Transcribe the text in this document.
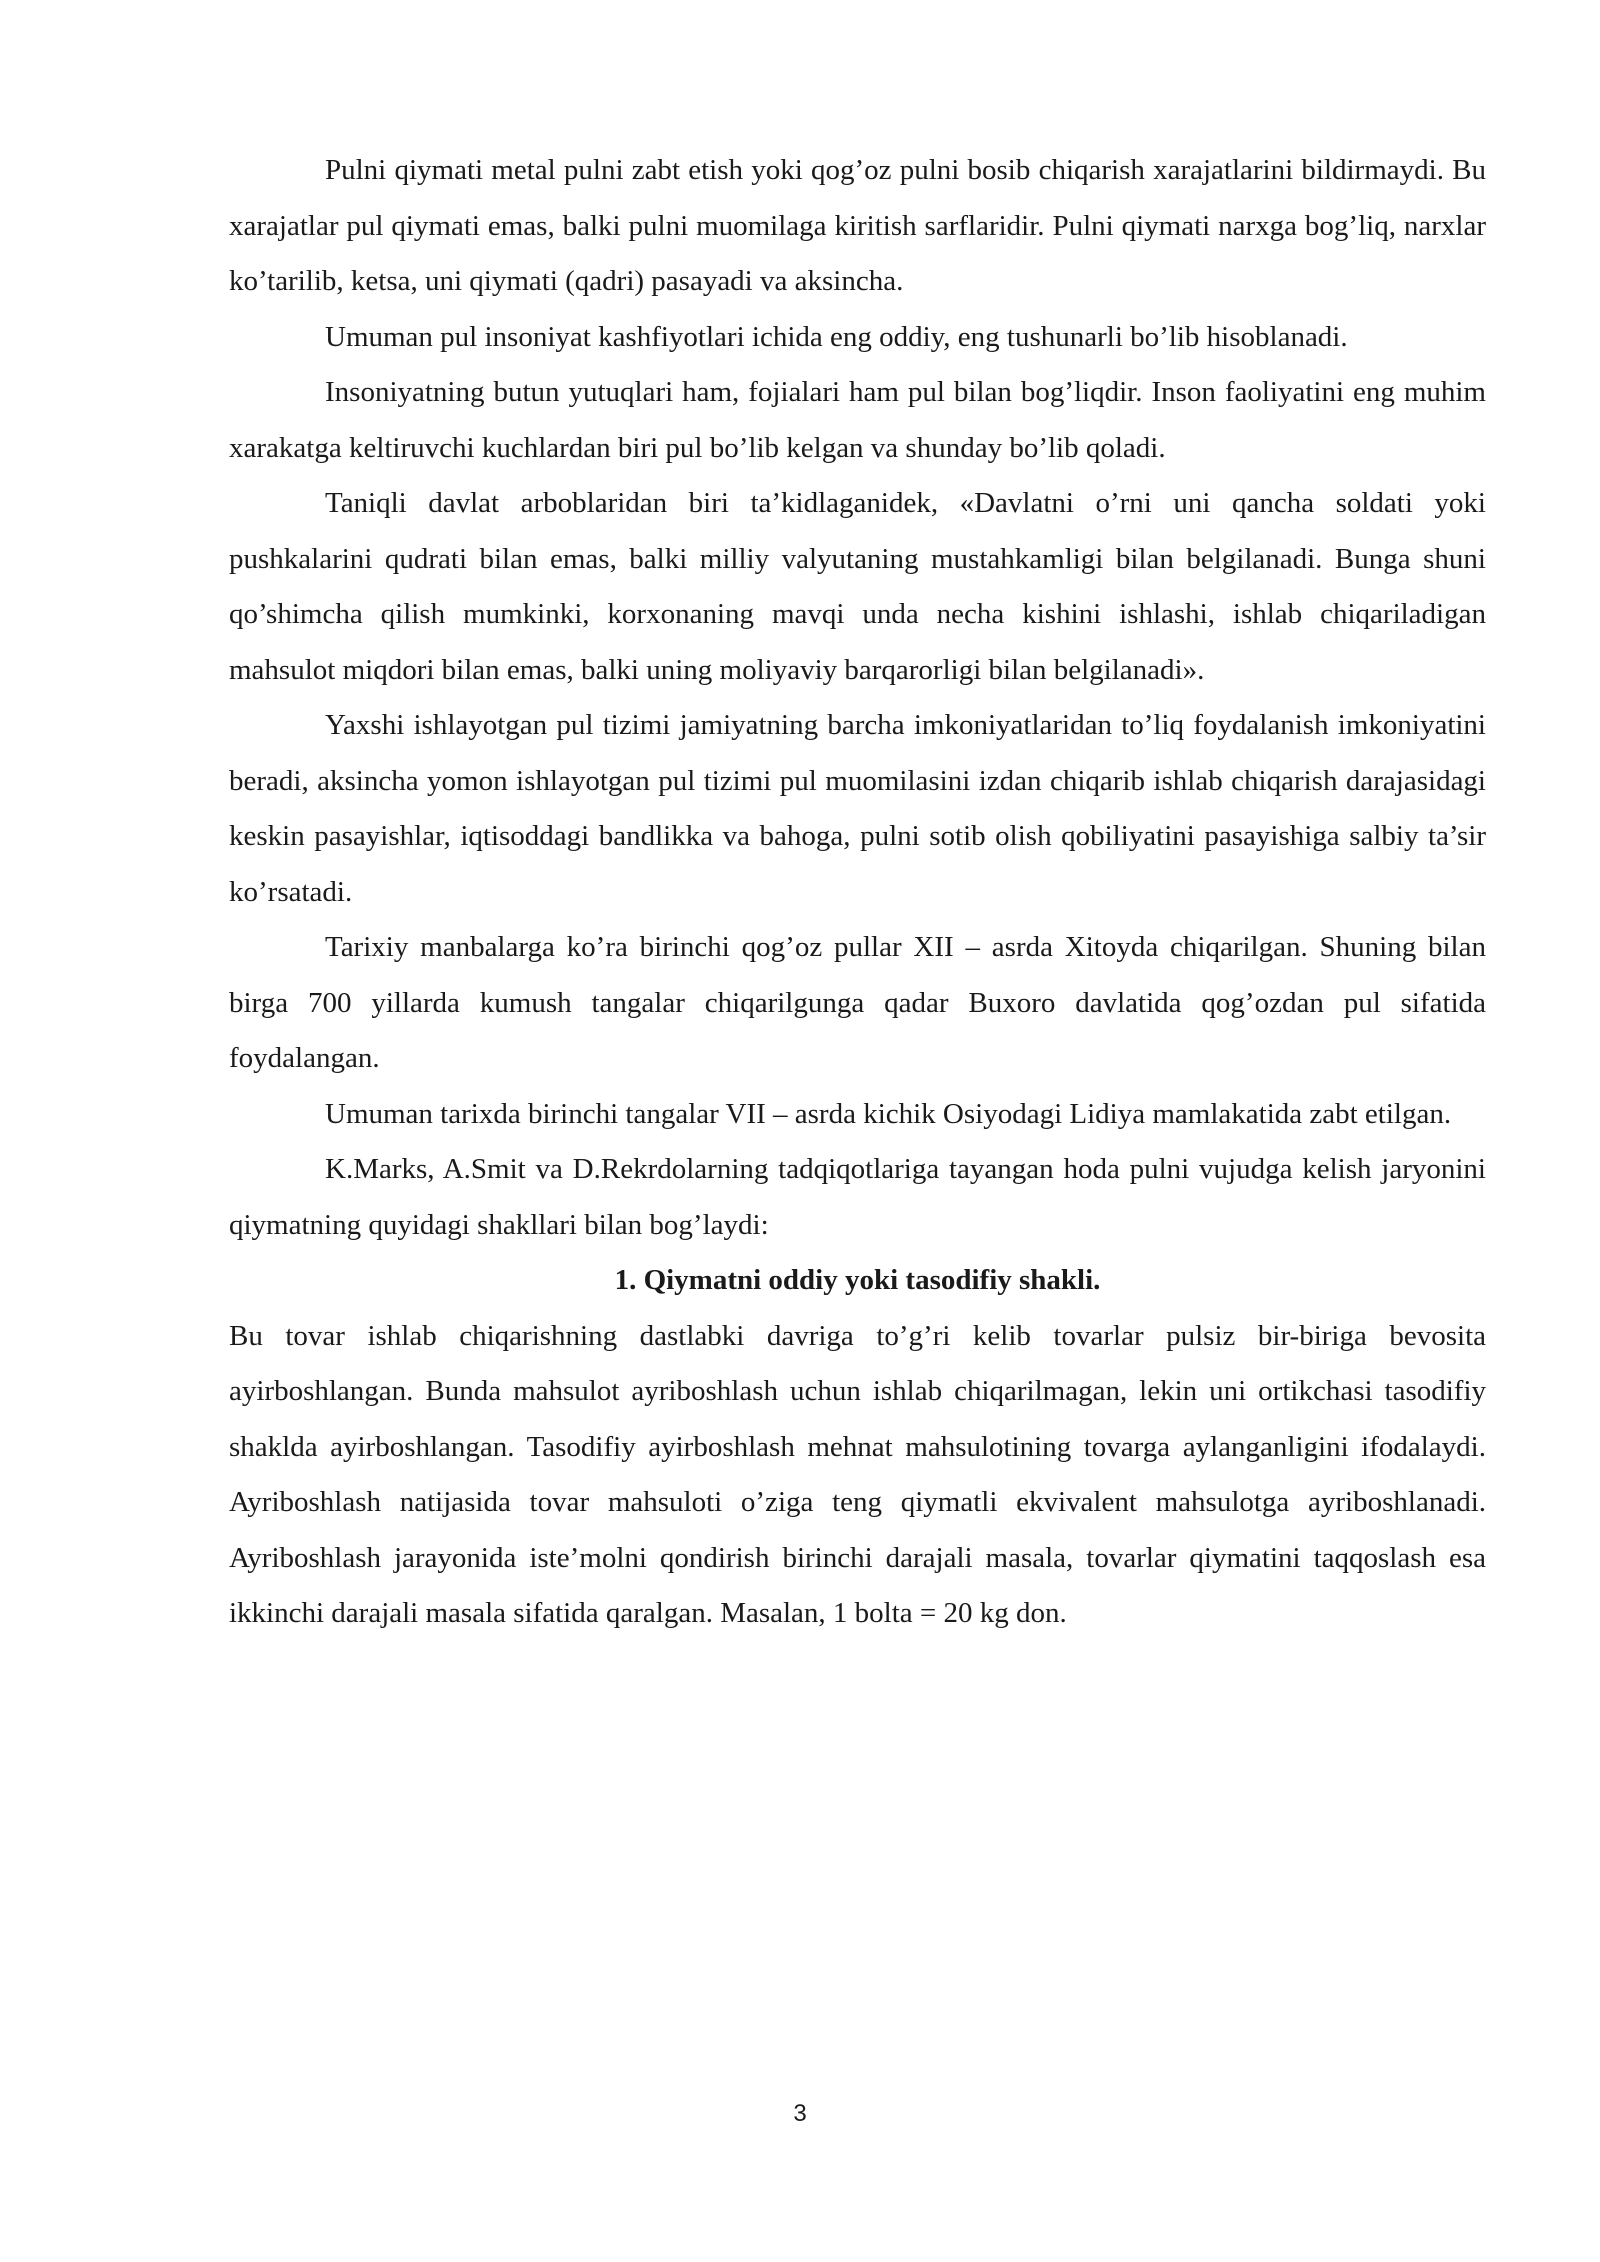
Pulni qiymati metal pulni zabt etish yoki qog’oz pulni bosib chiqarish xarajatlarini bildirmaydi. Bu xarajatlar pul qiymati emas, balki pulni muomilaga kiritish sarflaridir. Pulni qiymati narxga bog’liq, narxlar ko’tarilib, ketsa, uni qiymati (qadri) pasayadi va aksincha.

Umuman pul insoniyat kashfiyotlari ichida eng oddiy, eng tushunarli bo’lib hisoblanadi.

Insoniyatning butun yutuqlari ham, fojialari ham pul bilan bog’liqdir. Inson faoliyatini eng muhim xarakatga keltiruvchi kuchlardan biri pul bo’lib kelgan va shunday bo’lib qoladi.

Taniqli davlat arboblaridan biri ta’kidlaganidek, «Davlatni o’rni uni qancha soldati yoki pushkalarini qudrati bilan emas, balki milliy valyutaning mustahkamligi bilan belgilanadi. Bunga shuni qo’shimcha qilish mumkinki, korxonaning mavqi unda necha kishini ishlashi, ishlab chiqariladigan mahsulot miqdori bilan emas, balki uning moliyaviy barqarorligi bilan belgilanadi».

Yaxshi ishlayotgan pul tizimi jamiyatning barcha imkoniyatlaridan to’liq foydalanish imkoniyatini beradi, aksincha yomon ishlayotgan pul tizimi pul muomilasini izdan chiqarib ishlab chiqarish darajasidagi keskin pasayishlar, iqtisoddagi bandlikka va bahoga, pulni sotib olish qobiliyatini pasayishiga salbiy ta’sir ko’rsatadi.

Tarixiy manbalarga ko’ra birinchi qog’oz pullar XII – asrda Xitoyda chiqarilgan. Shuning bilan birga 700 yillarda kumush tangalar chiqarilgunga qadar Buxoro davlatida qog’ozdan pul sifatida foydalangan.

Umuman tarixda birinchi tangalar VII – asrda kichik Osiyodagi Lidiya mamlakatida zabt etilgan.

K.Marks, A.Smit va D.Rekrdolarning tadqiqotlariga tayangan hoda pulni vujudga kelish jaryonini qiymatning quyidagi shakllari bilan bog’laydi:

1. Qiymatni oddiy yoki tasodifiy shakli.

Bu tovar ishlab chiqarishning dastlabki davriga to’g’ri kelib tovarlar pulsiz bir-biriga bevosita ayirboshlangan. Bunda mahsulot ayriboshlash uchun ishlab chiqarilmagan, lekin uni ortikchasi tasodifiy shaklda ayirboshlangan. Tasodifiy ayirboshlash mehnat mahsulotining tovarga aylanganligini ifodalaydi. Ayriboshlash natijasida tovar mahsuloti o’ziga teng qiymatli ekvivalent mahsulotga ayriboshlanadi. Ayriboshlash jarayonida iste’molni qondirish birinchi darajali masala, tovarlar qiymatini taqqoslash esa ikkinchi darajali masala sifatida qaralgan. Masalan, 1 bolta = 20 kg don.

3
